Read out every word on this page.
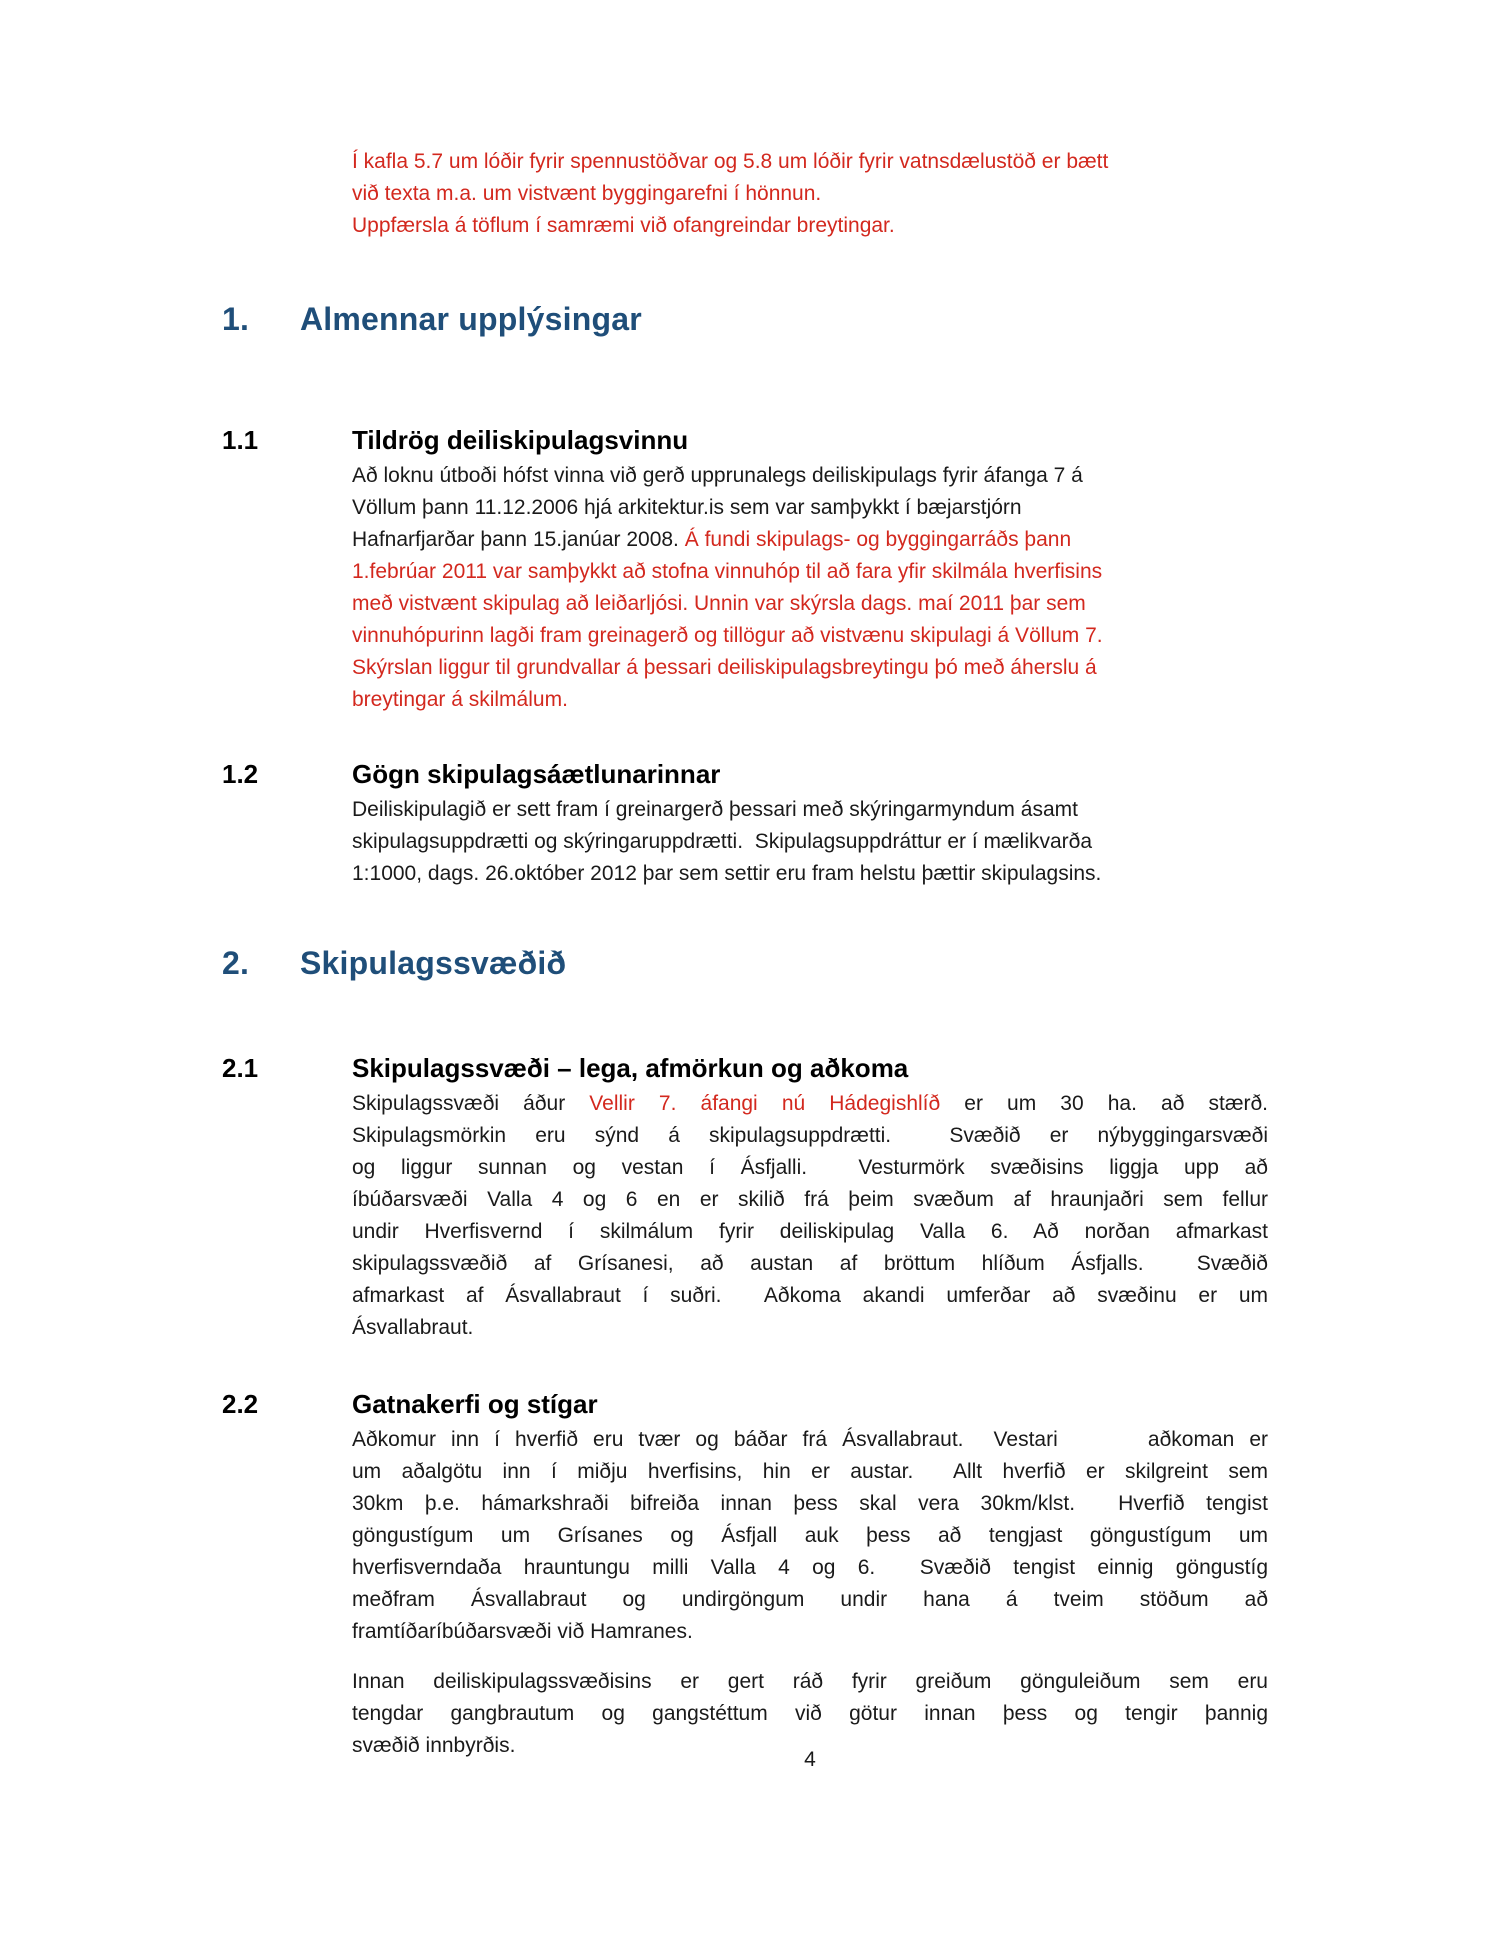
Í kafla 5.7 um lóðir fyrir spennustöðvar og 5.8 um lóðir fyrir vatnsdælustöð er bætt
við texta m.a. um vistvænt byggingarefni í hönnun.
Uppfærsla á töflum í samræmi við ofangreindar breytingar.
1.	Almennar upplýsingar
1.1	Tildrög deiliskipulagsvinnu
Að loknu útboði hófst vinna við gerð upprunalegs deiliskipulags fyrir áfanga 7 á
Völlum þann 11.12.2006 hjá arkitektur.is sem var samþykkt í bæjarstjórn
Hafnarfjarðar þann 15.janúar 2008. Á fundi skipulags- og byggingarráðs þann
1.febrúar 2011 var samþykkt að stofna vinnuhóp til að fara yfir skilmála hverfisins
með vistvænt skipulag að leiðarljósi. Unnin var skýrsla dags. maí 2011 þar sem
vinnuhópurinn lagði fram greinagerð og tillögur að vistvænu skipulagi á Völlum 7.
Skýrslan liggur til grundvallar á þessari deiliskipulagsbreytingu þó með áherslu á
breytingar á skilmálum.
1.2	Gögn skipulagsáætlunarinnar
Deiliskipulagið er sett fram í greinargerð þessari með skýringarmyndum ásamt
skipulagsuppdrætti og skýringaruppdrætti.  Skipulagsuppdráttur er í mælikvarða
1:1000, dags. 26.október 2012 þar sem settir eru fram helstu þættir skipulagsins.
2.	Skipulagssvæðið
2.1	Skipulagssvæði – lega, afmörkun og aðkoma
Skipulagssvæði áður Vellir 7. áfangi nú Hádegishlíð er um 30 ha. að stærð.
Skipulagsmörkin eru sýnd á skipulagsuppdrætti.  Svæðið er nýbyggingarsvæði
og liggur sunnan og vestan í Ásfjalli.  Vesturmörk svæðisins liggja upp að
íbúðarsvæði Valla 4 og 6 en er skilið frá þeim svæðum af hraunjaðri sem fellur
undir Hverfisvernd í skilmálum fyrir deiliskipulag Valla 6. Að norðan afmarkast
skipulagssvæðið af Grísanesi, að austan af bröttum hlíðum Ásfjalls.  Svæðið
afmarkast af Ásvallabraut í suðri.  Aðkoma akandi umferðar að svæðinu er um
Ásvallabraut.
2.2	Gatnakerfi og stígar
Aðkomur inn í hverfið eru tvær og báðar frá Ásvallabraut.  Vestari      aðkoman er
um aðalgötu inn í miðju hverfisins, hin er austar.  Allt hverfið er skilgreint sem
30km þ.e. hámarkshraði bifreiða innan þess skal vera 30km/klst.  Hverfið tengist
göngustígum um Grísanes og Ásfjall auk þess að tengjast göngustígum um
hverfisverndaða hrauntungu milli Valla 4 og 6.  Svæðið tengist einnig göngustíg
meðfram Ásvallabraut og undirgöngum undir hana á tveim stöðum að
framtíðaríbúðarsvæði við Hamranes.
Innan deiliskipulagssvæðisins er gert ráð fyrir greiðum gönguleiðum sem eru
tengdar gangbrautum og gangstéttum við götur innan þess og tengir þannig
svæðið innbyrðis.
4
